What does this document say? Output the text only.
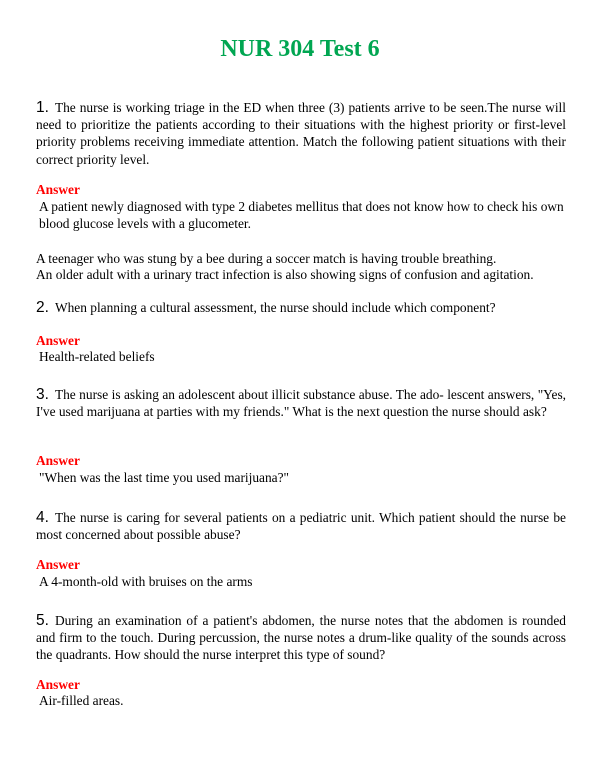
NUR 304 Test 6
1. The nurse is working triage in the ED when three (3) patients arrive to be seen.The nurse will need to prioritize the patients according to their situations with the highest priority or first-level priority problems receiving immediate attention. Match the following patient situations with their correct priority level.
Answer
A patient newly diagnosed with type 2 diabetes mellitus that does not know how to check his own blood glucose levels with a glucometer.
A teenager who was stung by a bee during a soccer match is having trouble breathing.
An older adult with a urinary tract infection is also showing signs of confusion and agitation.
2. When planning a cultural assessment, the nurse should include which component?
Answer
Health-related beliefs
3. The nurse is asking an adolescent about illicit substance abuse. The ado- lescent answers, "Yes, I've used marijuana at parties with my friends." What is the next question the nurse should ask?
Answer
"When was the last time you used marijuana?"
4. The nurse is caring for several patients on a pediatric unit. Which patient should the nurse be most concerned about possible abuse?
Answer
A 4-month-old with bruises on the arms
5. During an examination of a patient's abdomen, the nurse notes that the abdomen is rounded and firm to the touch. During percussion, the nurse notes a drum-like quality of the sounds across the quadrants. How should the nurse interpret this type of sound?
Answer
Air-filled areas.
